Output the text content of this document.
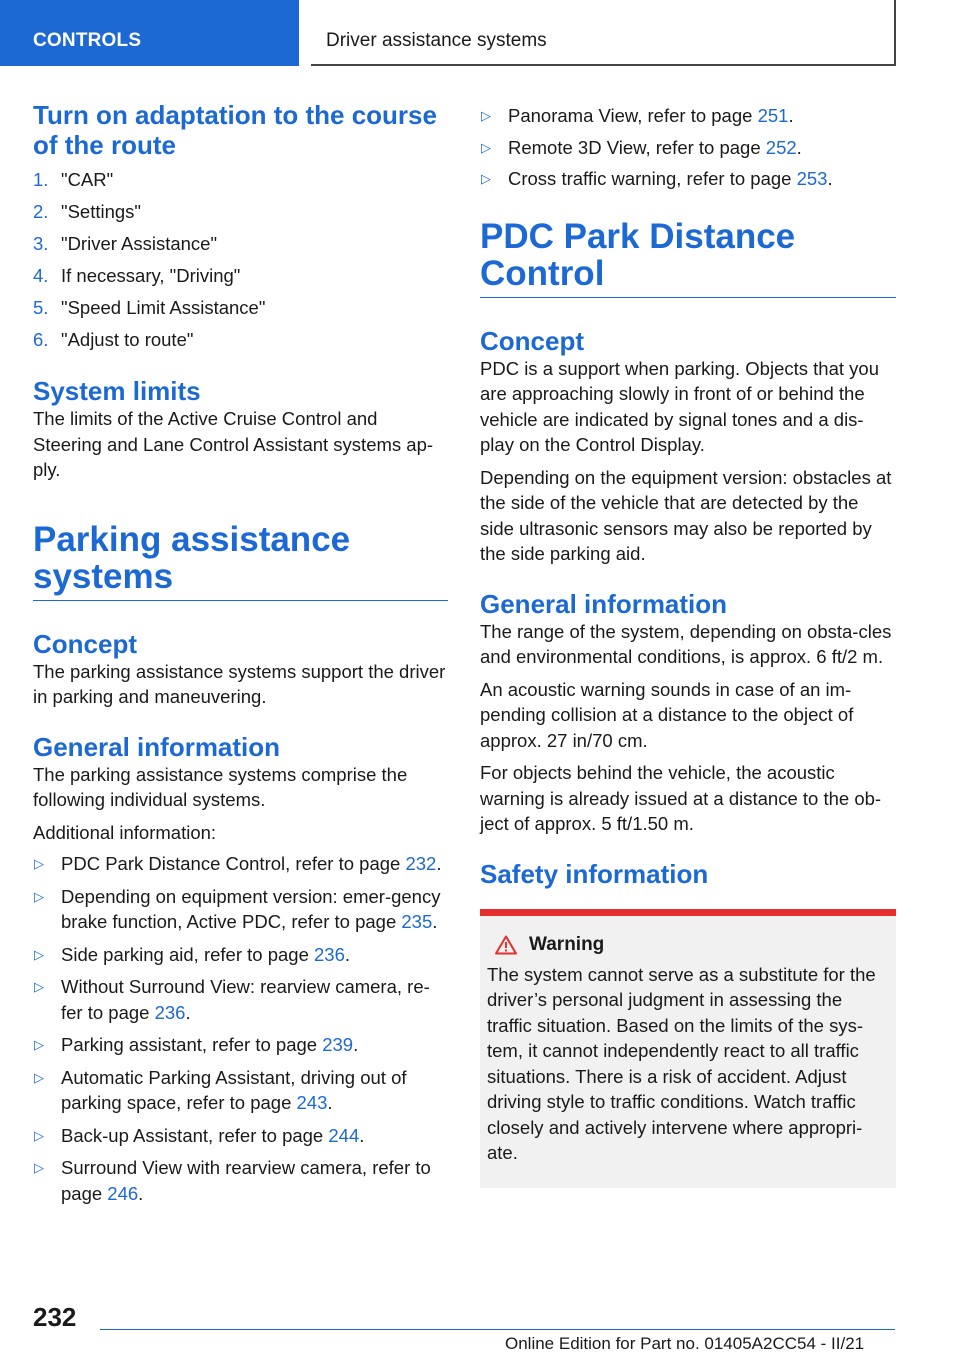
CONTROLS	Driver assistance systems
Turn on adaptation to the course of the route
1. "CAR"
2. "Settings"
3. "Driver Assistance"
4. If necessary, "Driving"
5. "Speed Limit Assistance"
6. "Adjust to route"
System limits

The limits of the Active Cruise Control and Steering and Lane Control Assistant systems ap‐ply.

Parking assistance systems
Concept

The parking assistance systems support the driver in parking and maneuvering.

General information

The parking assistance systems comprise the following individual systems.

Additional information:

▷ PDC Park Distance Control, refer to page 232.
▷ Depending on equipment version: emer‐gency brake function, Active PDC, refer to page 235.
▷ Side parking aid, refer to page 236.
▷ Without Surround View: rearview camera, re‐fer to page 236.
▷ Parking assistant, refer to page 239.
▷ Automatic Parking Assistant, driving out of parking space, refer to page 243.
▷ Back-up Assistant, refer to page 244.
▷ Surround View with rearview camera, refer to page 246.
▷ Panorama View, refer to page 251.
▷ Remote 3D View, refer to page 252.
▷ Cross traffic warning, refer to page 253.
PDC Park Distance Control
Concept

PDC is a support when parking. Objects that you are approaching slowly in front of or behind the vehicle are indicated by signal tones and a dis‐play on the Control Display.

Depending on the equipment version: obstacles at the side of the vehicle that are detected by the side ultrasonic sensors may also be reported by the side parking aid.

General information

The range of the system, depending on obsta‐cles and environmental conditions, is approx. 6 ft/2 m.

An acoustic warning sounds in case of an im‐pending collision at a distance to the object of approx. 27 in/70 cm.

For objects behind the vehicle, the acoustic warning is already issued at a distance to the ob‐ject of approx. 5 ft/1.50 m.

Safety information
Warning

The system cannot serve as a substitute for the driver’s personal judgment in assessing the traffic situation. Based on the limits of the sys‐tem, it cannot independently react to all traffic situations. There is a risk of accident. Adjust driving style to traffic conditions. Watch traffic closely and actively intervene where appropri‐ate.

232
Online Edition for Part no. 01405A2CC54 - II/21
